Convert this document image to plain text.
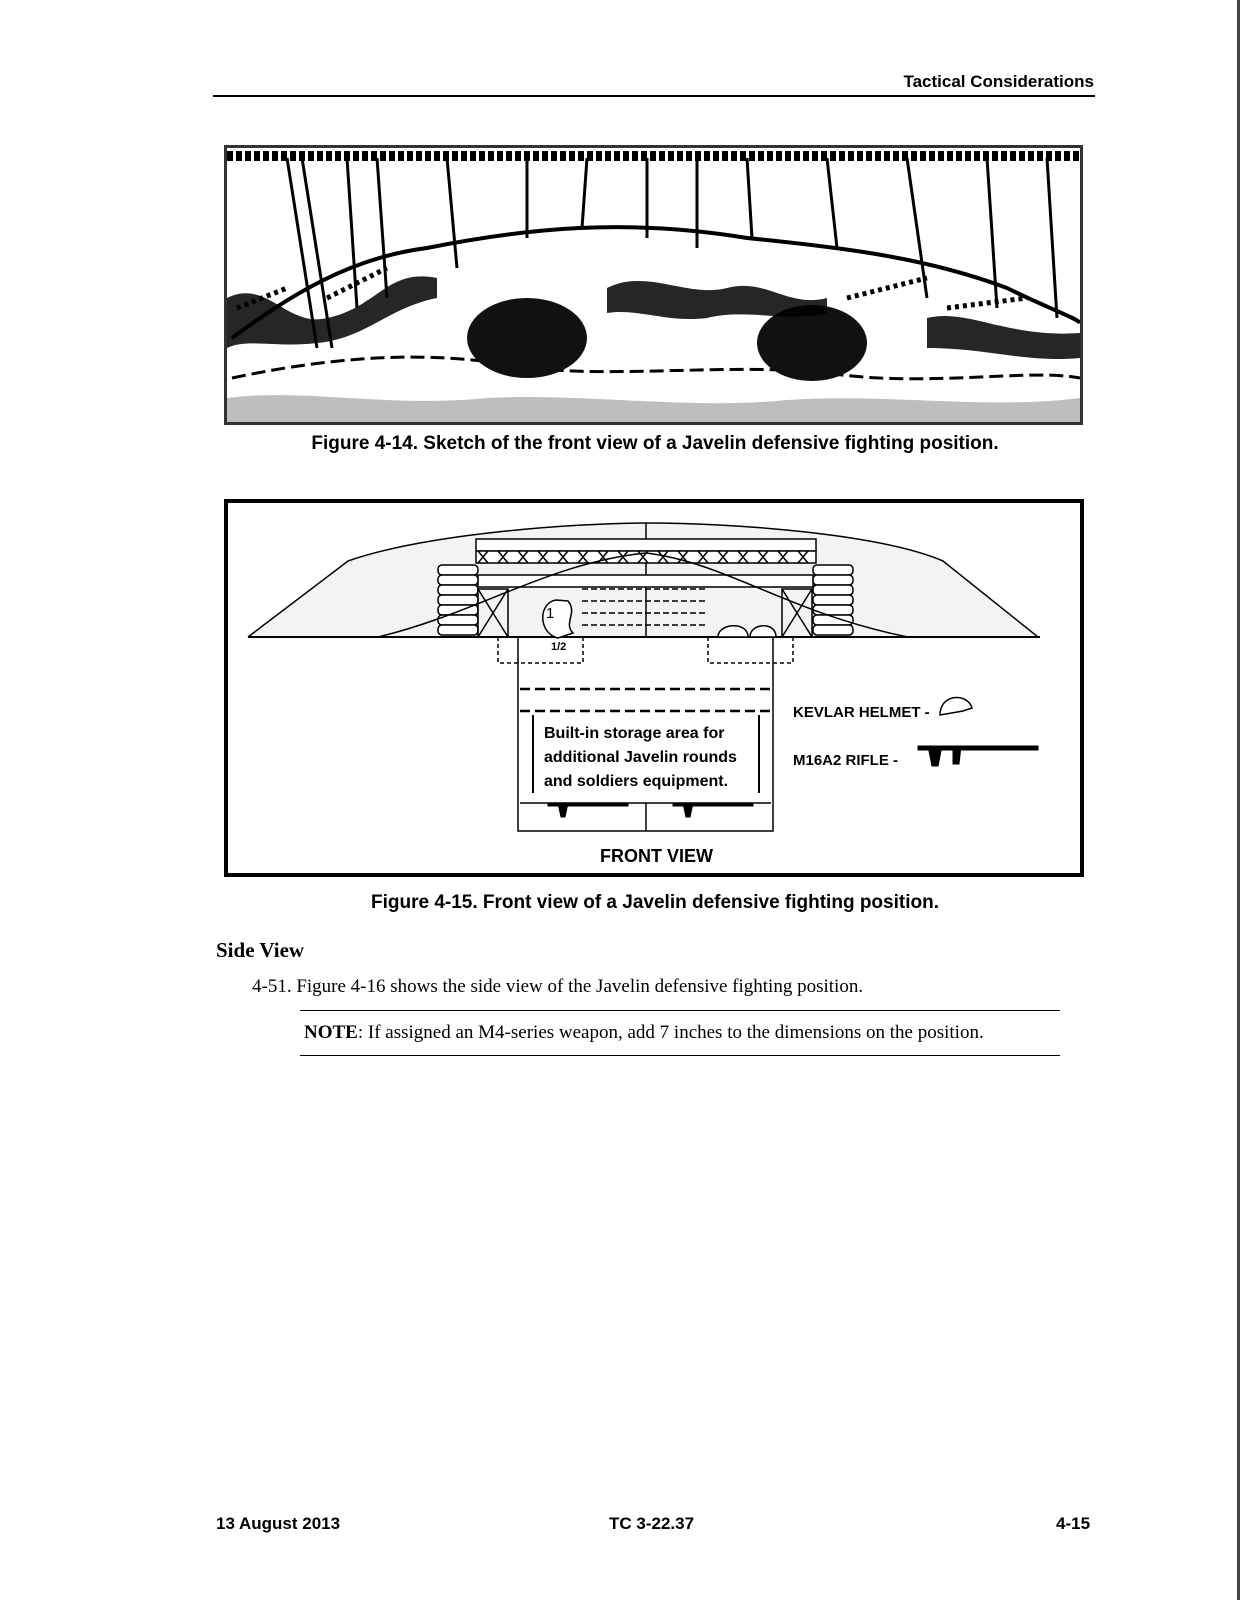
Tactical Considerations
Figure 4-14. Sketch of the front view of a Javelin defensive fighting position.
1
1/2
Built-in storage area for
additional Javelin rounds
and soldiers equipment.
KEVLAR HELMET -
M16A2 RIFLE -
FRONT VIEW
Figure 4-15. Front view of a Javelin defensive fighting position.
Side View
4-51. Figure 4-16 shows the side view of the Javelin defensive fighting position.
NOTE: If assigned an M4-series weapon, add 7 inches to the dimensions on the position.
13 August 2013	TC 3-22.37	4-15
